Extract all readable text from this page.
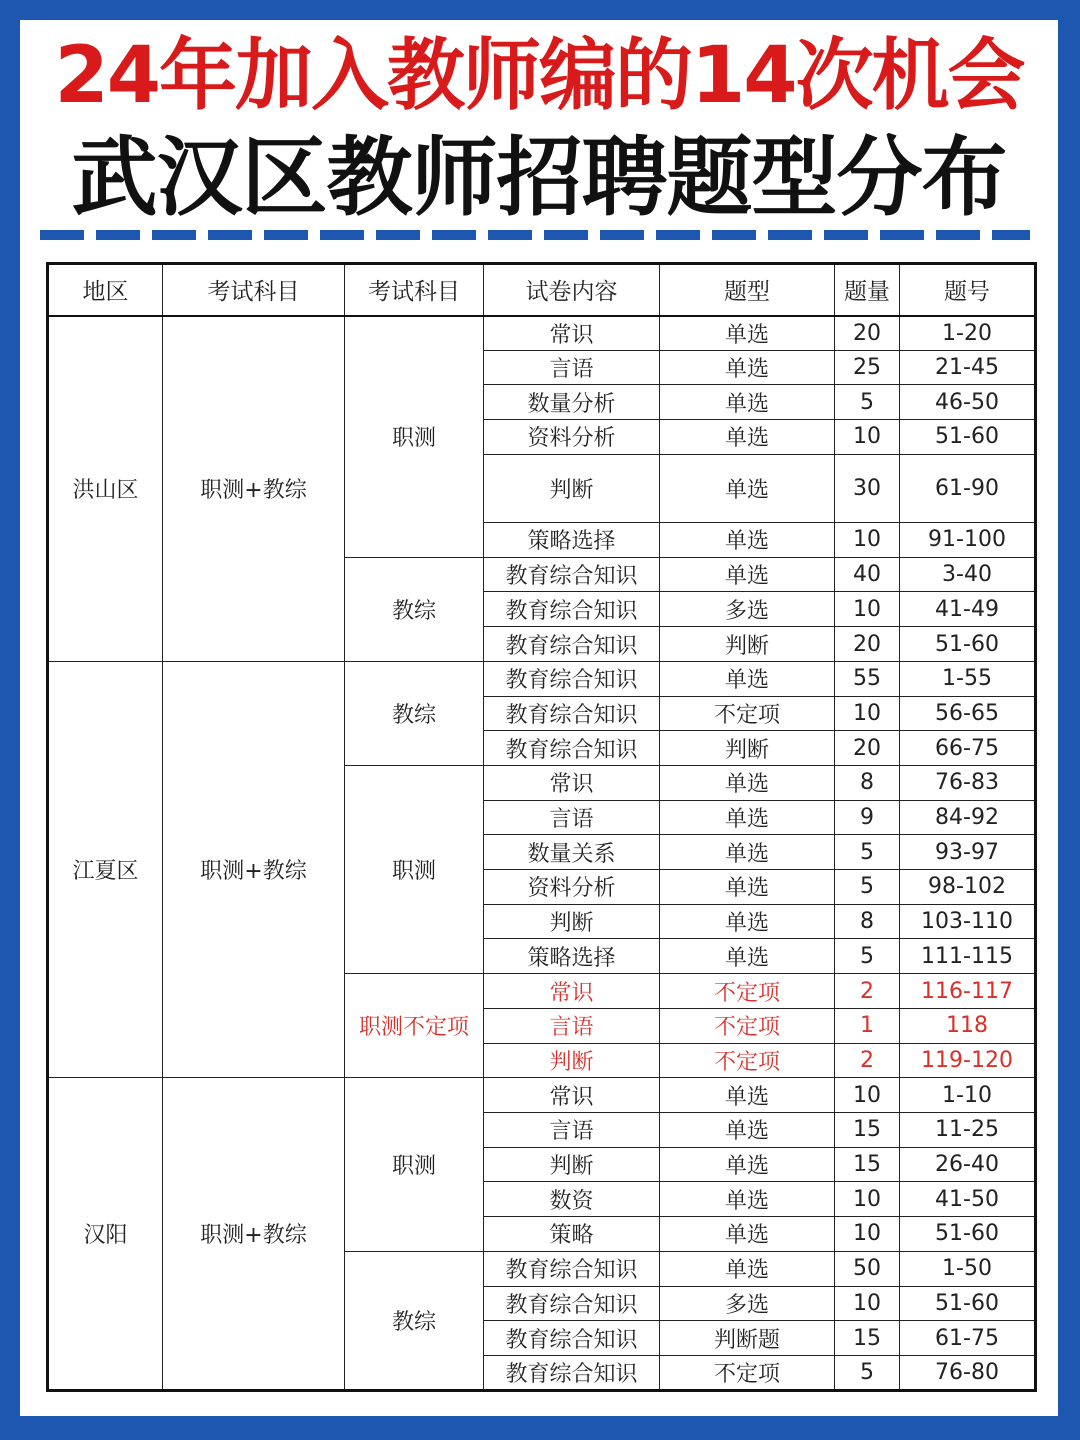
24年加入教师编的14次机会
武汉区教师招聘题型分布
地区	考试科目	考试科目	试卷内容	题型	题量	题号
洪山区	职测+教综	职测	常识	单选	20	1-20
			言语	单选	25	21-45
			数量分析	单选	5	46-50
			资料分析	单选	10	51-60
			判断	单选	30	61-90
			策略选择	单选	10	91-100
		教综	教育综合知识	单选	40	3-40
			教育综合知识	多选	10	41-49
			教育综合知识	判断	20	51-60
江夏区	职测+教综	教综	教育综合知识	单选	55	1-55
			教育综合知识	不定项	10	56-65
			教育综合知识	判断	20	66-75
		职测	常识	单选	8	76-83
			言语	单选	9	84-92
			数量关系	单选	5	93-97
			资料分析	单选	5	98-102
			判断	单选	8	103-110
			策略选择	单选	5	111-115
		职测不定项	常识	不定项	2	116-117
			言语	不定项	1	118
			判断	不定项	2	119-120
汉阳	职测+教综	职测	常识	单选	10	1-10
			言语	单选	15	11-25
			判断	单选	15	26-40
			数资	单选	10	41-50
			策略	单选	10	51-60
		教综	教育综合知识	单选	50	1-50
			教育综合知识	多选	10	51-60
			教育综合知识	判断题	15	61-75
			教育综合知识	不定项	5	76-80
